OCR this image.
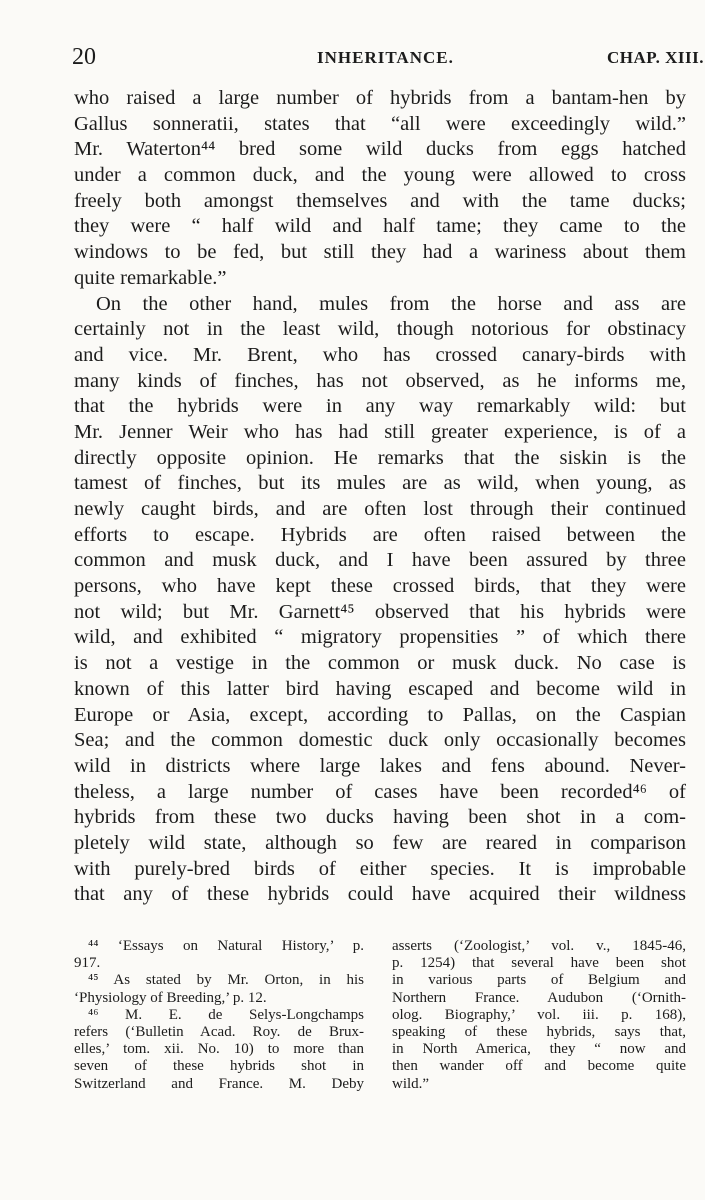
20	INHERITANCE.	CHAP. XIII.
who raised a large number of hybrids from a bantam-hen by
Gallus sonneratii, states that “all were exceedingly wild.”
Mr. Waterton⁴⁴ bred some wild ducks from eggs hatched
under a common duck, and the young were allowed to cross
freely both amongst themselves and with the tame ducks;
they were “ half wild and half tame; they came to the
windows to be fed, but still they had a wariness about them
quite remarkable.”
On the other hand, mules from the horse and ass are
certainly not in the least wild, though notorious for obstinacy
and vice. Mr. Brent, who has crossed canary-birds with
many kinds of finches, has not observed, as he informs me,
that the hybrids were in any way remarkably wild: but
Mr. Jenner Weir who has had still greater experience, is of a
directly opposite opinion. He remarks that the siskin is the
tamest of finches, but its mules are as wild, when young, as
newly caught birds, and are often lost through their continued
efforts to escape. Hybrids are often raised between the
common and musk duck, and I have been assured by three
persons, who have kept these crossed birds, that they were
not wild; but Mr. Garnett⁴⁵ observed that his hybrids were
wild, and exhibited “ migratory propensities ” of which there
is not a vestige in the common or musk duck. No case is
known of this latter bird having escaped and become wild in
Europe or Asia, except, according to Pallas, on the Caspian
Sea; and the common domestic duck only occasionally becomes
wild in districts where large lakes and fens abound. Never-
theless, a large number of cases have been recorded⁴⁶ of
hybrids from these two ducks having been shot in a com-
pletely wild state, although so few are reared in comparison
with purely-bred birds of either species. It is improbable
that any of these hybrids could have acquired their wildness
⁴⁴ ‘Essays on Natural History,’ p.
917.
⁴⁵ As stated by Mr. Orton, in his
‘Physiology of Breeding,’ p. 12.
⁴⁶ M. E. de Selys-Longchamps
refers (‘Bulletin Acad. Roy. de Brux-
elles,’ tom. xii. No. 10) to more than
seven of these hybrids shot in
Switzerland and France. M. Deby
asserts (‘Zoologist,’ vol. v., 1845-46,
p. 1254) that several have been shot
in various parts of Belgium and
Northern France. Audubon (‘Ornith-
olog. Biography,’ vol. iii. p. 168),
speaking of these hybrids, says that,
in North America, they “ now and
then wander off and become quite
wild.”
